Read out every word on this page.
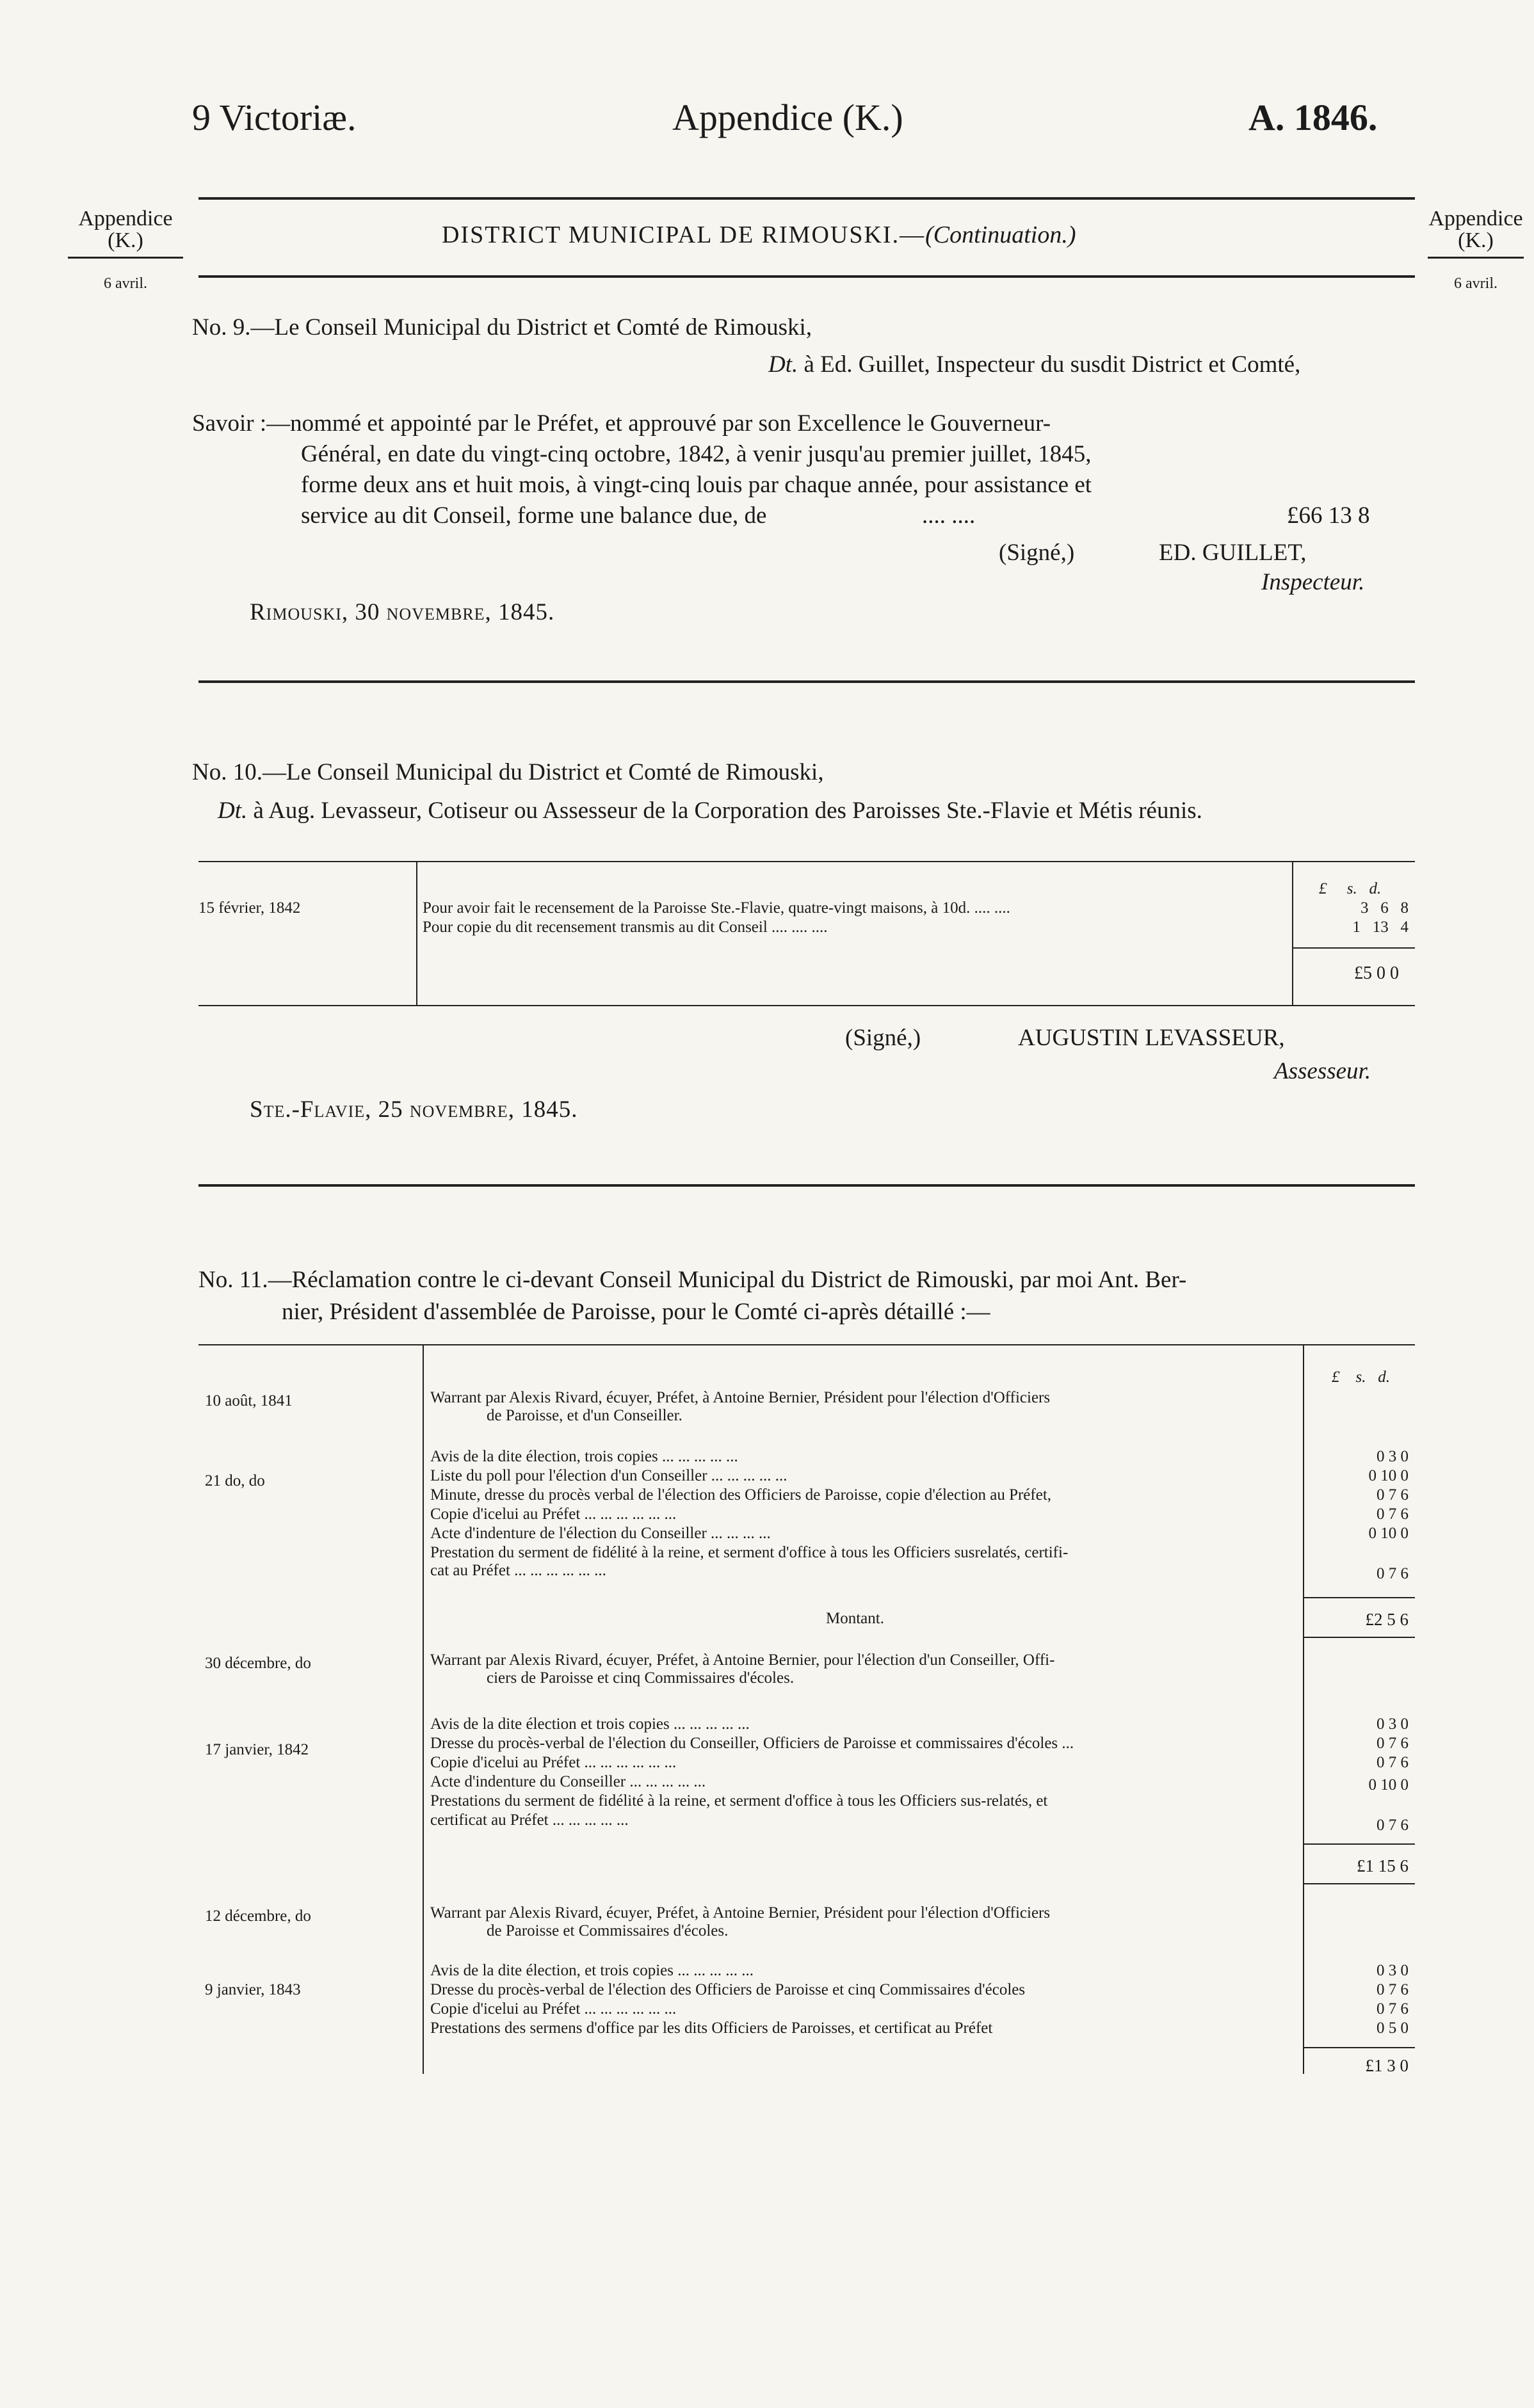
9 Victoriæ.	Appendice (K.)	A. 1846.
Appendice
(K.)
6 avril.
Appendice
(K.)
6 avril.
DISTRICT MUNICIPAL DE RIMOUSKI.—(Continuation.)
No. 9.—Le Conseil Municipal du District et Comté de Rimouski,
Dt. à Ed. Guillet, Inspecteur du susdit District et Comté,
Savoir :—nommé et appointé par le Préfet, et approuvé par son Excellence le Gouverneur-
Général, en date du vingt-cinq octobre, 1842, à venir jusqu'au premier juillet, 1845,
forme deux ans et huit mois, à vingt-cinq louis par chaque année, pour assistance et
service au dit Conseil, forme une balance due, de	.... ....	£66 13 8
(Signé,)	ED. GUILLET,
Inspecteur.
Rimouski, 30 novembre, 1845.
No. 10.—Le Conseil Municipal du District et Comté de Rimouski,
Dt. à Aug. Levasseur, Cotiseur ou Assesseur de la Corporation des Paroisses Ste.-Flavie et Métis réunis.
£ s. d.
15 février, 1842	Pour avoir fait le recensement de la Paroisse Ste.-Flavie, quatre-vingt maisons, à 10d. .... ....	3 6 8
Pour copie du dit recensement transmis au dit Conseil .... .... ....	1 13 4
£5 0 0
(Signé,)	AUGUSTIN LEVASSEUR,
Assesseur.
Ste.-Flavie, 25 novembre, 1845.
No. 11.—Réclamation contre le ci-devant Conseil Municipal du District de Rimouski, par moi Ant. Ber-
nier, Président d'assemblée de Paroisse, pour le Comté ci-après détaillé :—
£ s. d.
10 août, 1841	Warrant par Alexis Rivard, écuyer, Préfet, à Antoine Bernier, Président pour l'élection d'Officiers
de Paroisse, et d'un Conseiller.
21 do, do
Avis de la dite élection, trois copies ... ... ... ... ...	0 3 0
Liste du poll pour l'élection d'un Conseiller ... ... ... ... ...	0 10 0
Minute, dresse du procès verbal de l'élection des Officiers de Paroisse, copie d'élection au Préfet,	0 7 6
Copie d'icelui au Préfet ... ... ... ... ... ...	0 7 6
Acte d'indenture de l'élection du Conseiller ... ... ... ...	0 10 0
Prestation du serment de fidélité à la reine, et serment d'office à tous les Officiers susrelatés, certifi-
cat au Préfet ... ... ... ... ... ...	0 7 6
Montant.	£2 5 6
30 décembre, do	Warrant par Alexis Rivard, écuyer, Préfet, à Antoine Bernier, pour l'élection d'un Conseiller, Offi-
ciers de Paroisse et cinq Commissaires d'écoles.
17 janvier, 1842
Avis de la dite élection et trois copies ... ... ... ... ...	0 3 0
Dresse du procès-verbal de l'élection du Conseiller, Officiers de Paroisse et commissaires d'écoles ...	0 7 6
Copie d'icelui au Préfet ... ... ... ... ... ...	0 7 6
Acte d'indenture du Conseiller ... ... ... ... ...	0 10 0
Prestations du serment de fidélité à la reine, et serment d'office à tous les Officiers sus-relatés, et
certificat au Préfet ... ... ... ... ...	0 7 6
£1 15 6
12 décembre, do	Warrant par Alexis Rivard, écuyer, Préfet, à Antoine Bernier, Président pour l'élection d'Officiers
de Paroisse et Commissaires d'écoles.
9 janvier, 1843
Avis de la dite élection, et trois copies ... ... ... ... ...	0 3 0
Dresse du procès-verbal de l'élection des Officiers de Paroisse et cinq Commissaires d'écoles	0 7 6
Copie d'icelui au Préfet ... ... ... ... ... ...	0 7 6
Prestations des sermens d'office par les dits Officiers de Paroisses, et certificat au Préfet	0 5 0
£1 3 0
